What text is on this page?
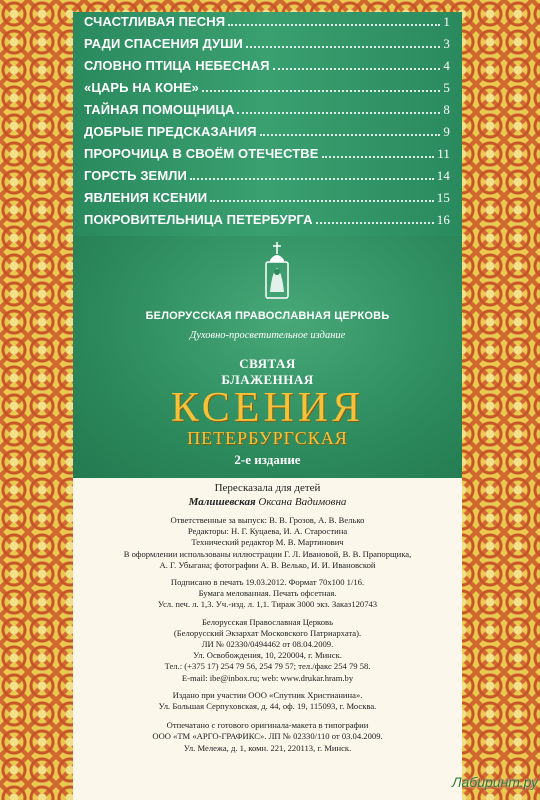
СЧАСТЛИВАЯ ПЕСНЯ	1
РАДИ СПАСЕНИЯ ДУШИ	3
СЛОВНО ПТИЦА НЕБЕСНАЯ	4
«ЦАРЬ НА КОНЕ»	5
ТАЙНАЯ ПОМОЩНИЦА	8
ДОБРЫЕ ПРЕДСКАЗАНИЯ	9
ПРОРОЧИЦА В СВОЁМ ОТЕЧЕСТВЕ	11
ГОРСТЬ ЗЕМЛИ	14
ЯВЛЕНИЯ КСЕНИИ	15
ПОКРОВИТЕЛЬНИЦА ПЕТЕРБУРГА	16
БЕЛОРУССКАЯ ПРАВОСЛАВНАЯ ЦЕРКОВЬ
Духовно-просветительное издание
СВЯТАЯ
БЛАЖЕННАЯ
КСЕНИЯ
ПЕТЕРБУРГСКАЯ
2-е издание
Пересказала для детей
Малишевская Оксана Вадимовна
Ответственные за выпуск: В. В. Грозов, А. В. Велько
Редакторы: Н. Г. Куцаева, И. А. Старостина
Технический редактор М. В. Мартинович
В оформлении использованы иллюстрации Г. Л. Ивановой, В. В. Прапорщика,
А. Г. Убыгана; фотографии А. В. Велько, И. И. Ивановской
Подписано в печать 19.03.2012. Формат 70x100 1/16.
Бумага мелованная. Печать офсетная.
Усл. печ. л. 1,3. Уч.-изд. л. 1,1. Тираж 3000 экз. Заказ120743
Белорусская Православная Церковь
(Белорусский Экзархат Московского Патриархата).
ЛИ № 02330/0494462 от 08.04.2009.
Ул. Освобождения, 10, 220004, г. Минск.
Тел.: (+375 17) 254 79 56, 254 79 57; тел./факс 254 79 58.
E-mail: ibe@inbox.ru; web: www.drukar.hram.by
Издано при участии ООО «Спутник Христианина».
Ул. Большая Серпуховская, д. 44, оф. 19, 115093, г. Москва.
Отпечатано с готового оригинала-макета в типографии
ООО «ТМ «АРГО-ГРАФИКС». ЛП № 02330/110 от 03.04.2009.
Ул. Мележа, д. 1, комн. 221, 220113, г. Минск.
Лабиринт.ру
